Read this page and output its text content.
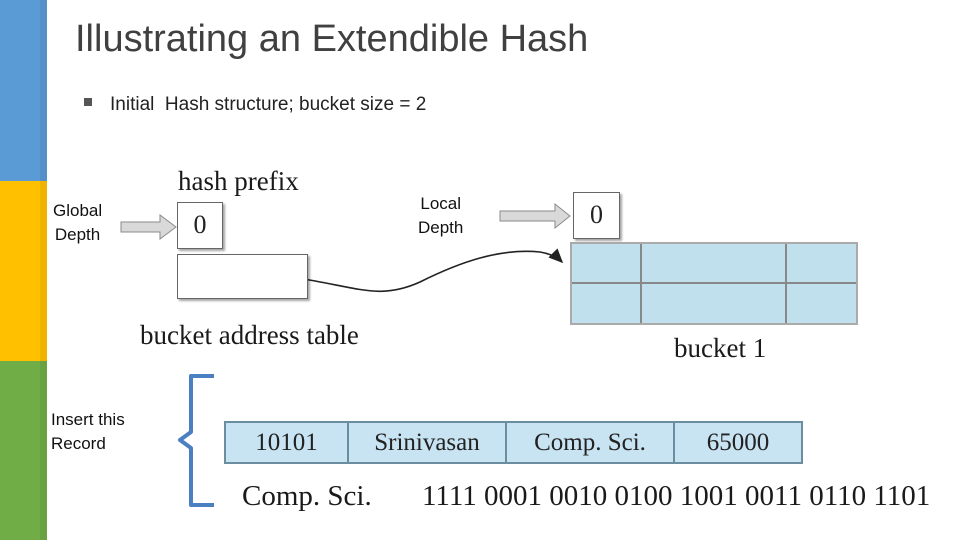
Illustrating an Extendible Hash
Initial  Hash structure; bucket size = 2
hash prefix
Global
Depth	0
bucket address table
Local
Depth	0
bucket 1
Insert this
Record	10101	Srinivasan	Comp. Sci.	65000
Comp. Sci. 1111 0001 0010 0100 1001 0011 0110 1101
